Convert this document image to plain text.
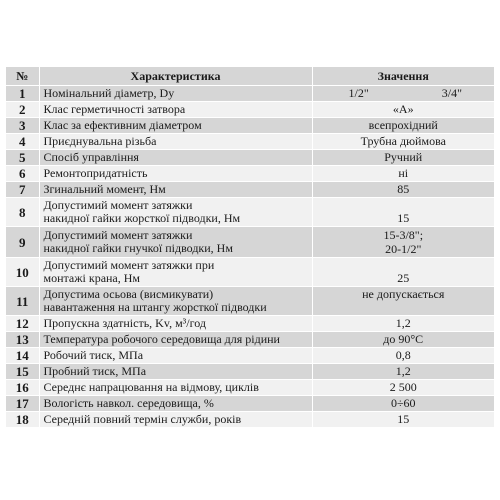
№	Характеристика	Значення
1	Номінальний діаметр, Dу	1/2" 3/4"

2	Клас герметичності затвора	«А»
3	Клас за ефективним діаметром	всепрохідний
4	Приєднувальна різьба	Трубна дюймова
5	Спосіб управління	Ручний
6	Ремонтопридатність	ні
7	Згинальний момент, Нм	85
8	Допустимий момент затяжки
накидної гайки жорсткої підводки, Нм	15

9	Допустимий момент затяжки
накидної гайки гнучкої підводки, Нм	15-3/8";
20-1/2"

10	Допустимий момент затяжки при
монтажі крана, Нм	25

11	Допустима осьова (висмикувати)
навантаження на штангу жорсткої підводки	не допускається

12	Пропускна здатність, Kv, м³/год	1,2
13	Температура робочого середовища для рідини	до 90°С
14	Робочий тиск, МПа	0,8
15	Пробний тиск, МПа	1,2
16	Середнє напрацювання на відмову, циклів	2 500
17	Вологість навкол. середовища, %	0÷60
18	Середній повний термін служби, років	15
